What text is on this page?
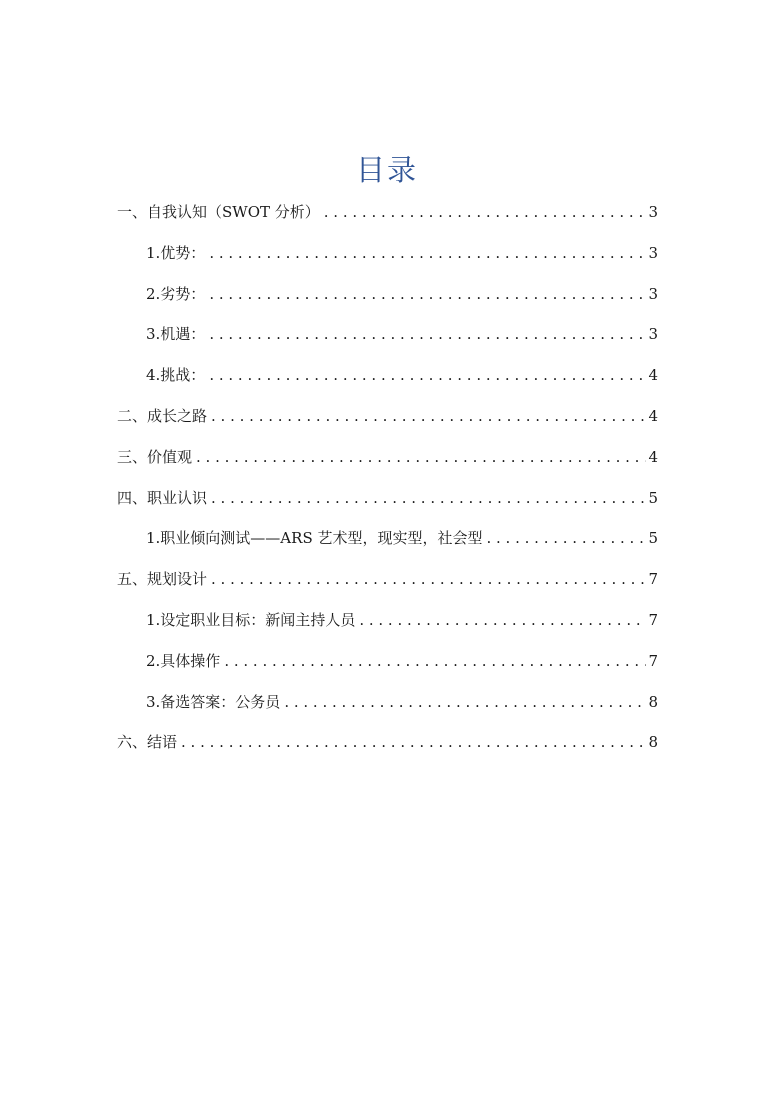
目录
一、自我认知（SWOT 分析） . . .	3
1.优势： . . .	3
2.劣势： . . .	3
3.机遇： . . .	3
4.挑战： . . .	4
二、成长之路 . . .	4
三、价值观 . . .	4
四、职业认识 . . .	5
1.职业倾向测试——ARS 艺术型，现实型，社会型 . . .	5
五、规划设计 . . .	7
1.设定职业目标：新闻主持人员 . . .	7
2.具体操作 . . .	7
3.备选答案：公务员 . . .	8
六、结语 . . .	8
